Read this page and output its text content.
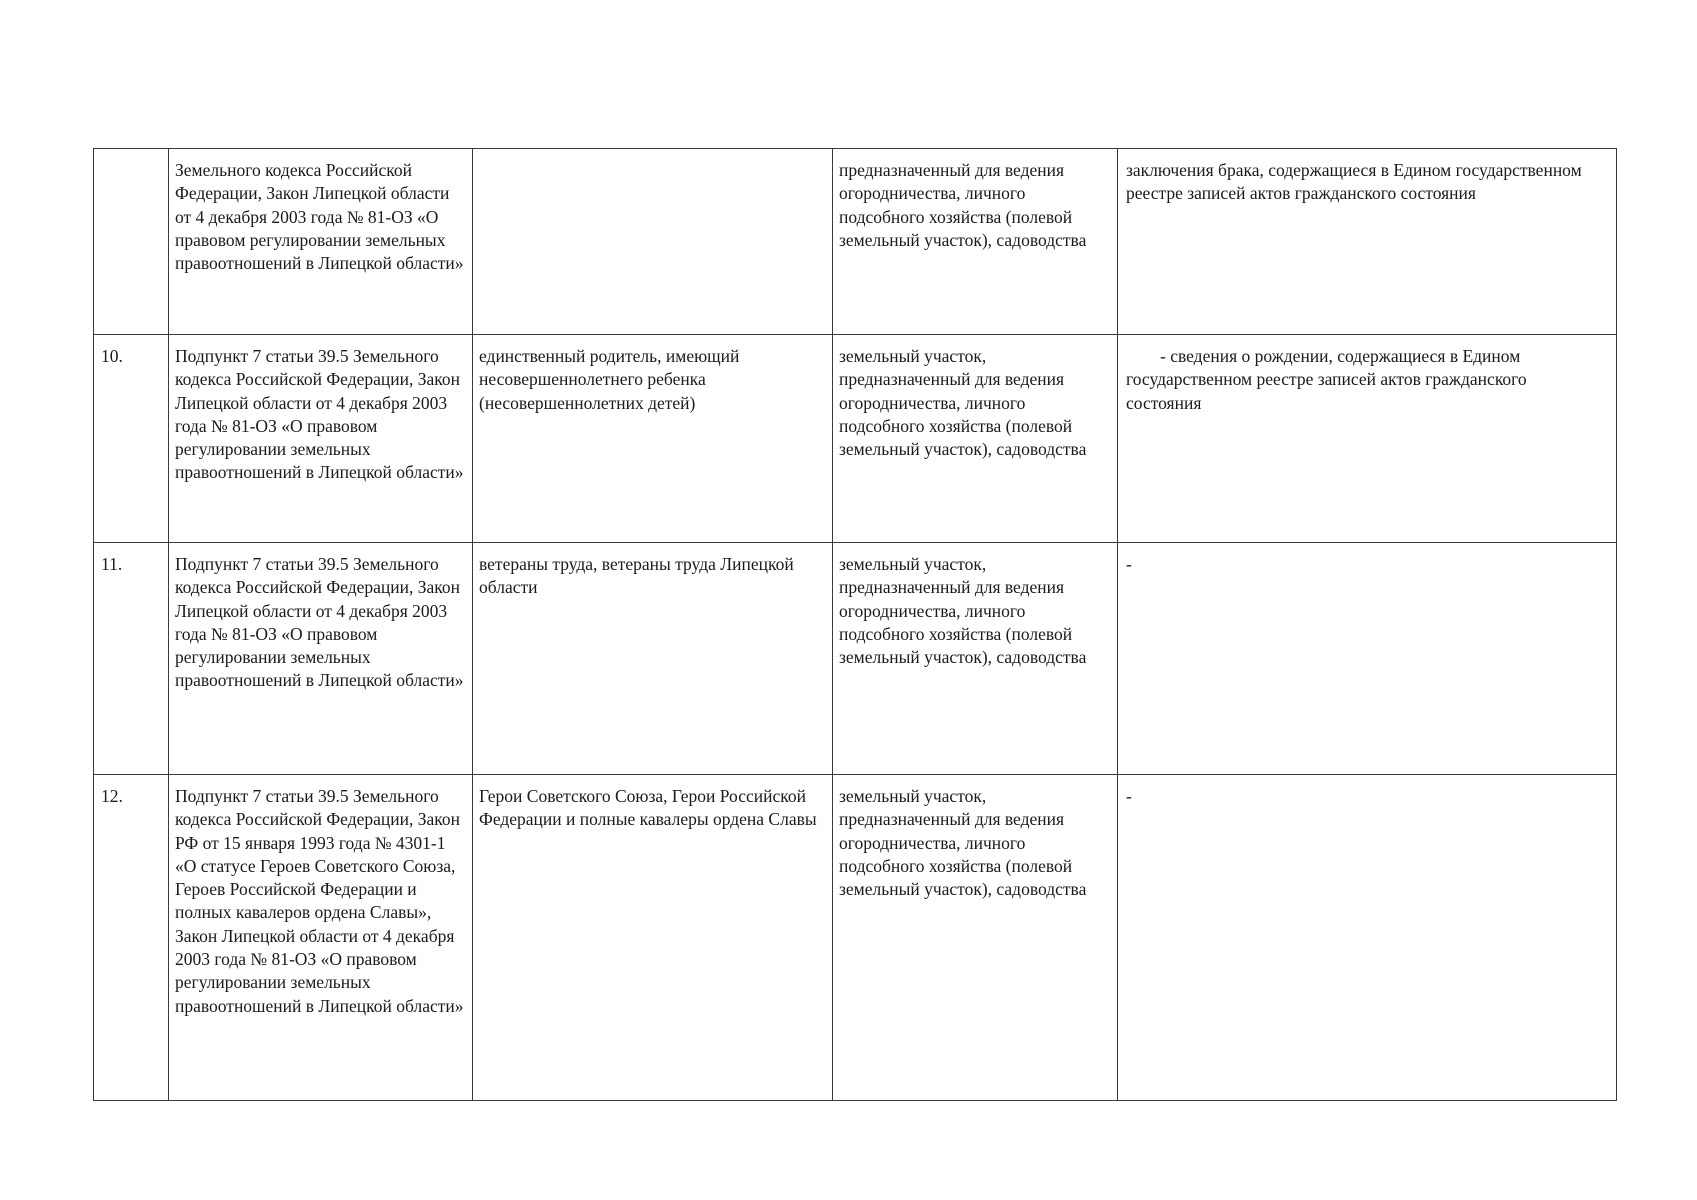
	Земельного кодекса Российской Федерации, Закон Липецкой области от 4 декабря 2003 года № 81-ОЗ «О правовом регулировании земельных правоотношений в Липецкой области»		предназначенный для ведения огородничества, личного подсобного хозяйства (полевой земельный участок), садоводства	заключения брака, содержащиеся в Едином государственном реестре записей актов гражданского состояния
10.	Подпункт 7 статьи 39.5 Земельного кодекса Российской Федерации, Закон Липецкой области от 4 декабря 2003 года № 81-ОЗ «О правовом регулировании земельных правоотношений в Липецкой области»	единственный родитель, имеющий несовершеннолетнего ребенка (несовершеннолетних детей)	земельный участок, предназначенный для ведения огородничества, личного подсобного хозяйства (полевой земельный участок), садоводства	- сведения о рождении, содержащиеся в Едином государственном реестре записей актов гражданского состояния
11.	Подпункт 7 статьи 39.5 Земельного кодекса Российской Федерации, Закон Липецкой области от 4 декабря 2003 года № 81-ОЗ «О правовом регулировании земельных правоотношений в Липецкой области»	ветераны труда, ветераны труда Липецкой области	земельный участок, предназначенный для ведения огородничества, личного подсобного хозяйства (полевой земельный участок), садоводства	-
12.	Подпункт 7 статьи 39.5 Земельного кодекса Российской Федерации, Закон РФ от 15 января 1993 года № 4301-1 «О статусе Героев Советского Союза, Героев Российской Федерации и полных кавалеров ордена Славы», Закон Липецкой области от 4 декабря 2003 года № 81-ОЗ «О правовом регулировании земельных правоотношений в Липецкой области»	Герои Советского Союза, Герои Российской Федерации и полные кавалеры ордена Славы	земельный участок, предназначенный для ведения огородничества, личного подсобного хозяйства (полевой земельный участок), садоводства	-
